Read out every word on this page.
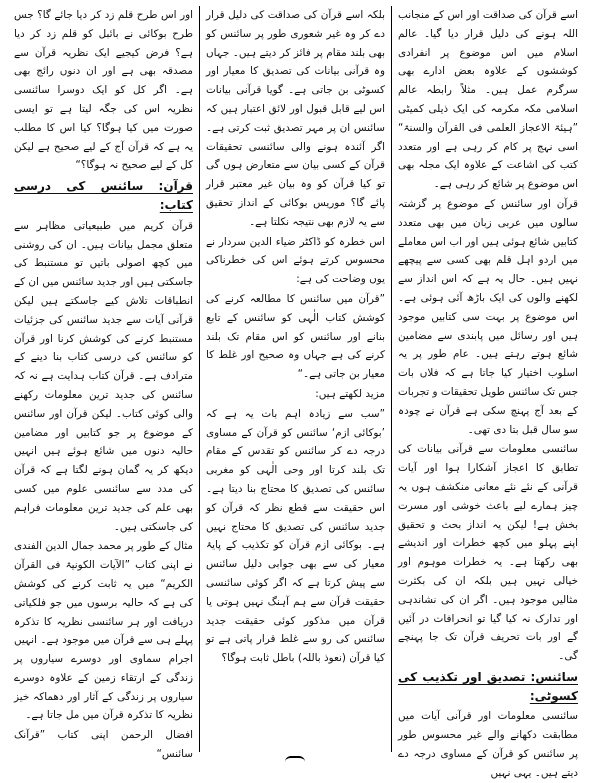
اسے قرآن کی صداقت اور اس کے منجانب اللہ ہونے کی دلیل قرار دیا گیا۔ عالم اسلام میں اس موضوع پر انفرادی کوششوں کے علاوہ بعض ادارے بھی سرگرم عمل ہیں۔ مثلاً رابطہ عالم اسلامی مکہ مکرمہ کی ایک ذیلی کمیٹی ”ہیئۃ الاعجاز العلمی فی القرآن والسنۃ“ اسی نہج پر کام کر رہی ہے اور متعدد کتب کی اشاعت کے علاوہ ایک مجلہ بھی اس موضوع پر شائع کر رہی ہے۔

قرآن اور سائنس کے موضوع پر گزشتہ سالوں میں عربی زبان میں بھی متعدد کتابیں شائع ہوئی ہیں اور اب اس معاملے میں اردو اہل قلم بھی کسی سے پیچھے نہیں ہیں۔ حال یہ ہے کہ اس انداز سے لکھنے والوں کی ایک باڑھ آئی ہوئی ہے۔ اس موضوع پر بہت سی کتابیں موجود ہیں اور رسائل میں پابندی سے مضامین شائع ہوتے رہتے ہیں۔ عام طور پر یہ اسلوب اختیار کیا جاتا ہے کہ فلاں بات جس تک سائنس طویل تحقیقات و تجربات کے بعد آج پہنچ سکی ہے قرآن نے چودہ سو سال قبل بتا دی تھی۔

سائنسی معلومات سے قرآنی بیانات کی تطابق کا اعجاز آشکارا ہوا اور آیات قرآنی کے نئے نئے معانی منکشف ہوں یہ چیز ہمارے لیے باعث خوشی اور مسرت بخش ہے! لیکن یہ انداز بحث و تحقیق اپنے پہلو میں کچھ خطرات اور اندیشے بھی رکھتا ہے۔ یہ خطرات موہوم اور خیالی نہیں ہیں بلکہ ان کی بکثرت مثالیں موجود ہیں۔ اگر ان کی نشاندہی اور تدارک نہ کیا گیا تو انحرافات در آئیں گے اور بات تحریف قرآن تک جا پہنچے گی۔

سائنس: تصدیق اور تکذیب کی کسوٹی:

سائنسی معلومات اور قرآنی آیات میں مطابقت دکھانے والے غیر محسوس طور پر سائنس کو قرآن کے مساوی درجہ دے دیتے ہیں۔ یہی نہیں

بلکہ اسے قرآن کی صداقت کی دلیل قرار دے کر وہ غیر شعوری طور پر سائنس کو بھی بلند مقام پر فائز کر دیتے ہیں۔ جہاں وہ قرآنی بیانات کی تصدیق کا معیار اور کسوٹی بن جاتی ہے۔ گویا قرآنی بیانات اس لیے قابل قبول اور لائق اعتبار ہیں کہ سائنس ان پر مہر تصدیق ثبت کرتی ہے۔ اگر آئندہ ہونے والی سائنسی تحقیقات قرآن کے کسی بیان سے متعارض ہوں گی تو کیا قرآن کو وہ بیان غیر معتبر قرار پائے گا؟ موریس بوکائی کے انداز تحقیق سے یہ لازم بھی نتیجہ نکلتا ہے۔

اس خطرہ کو ڈاکٹر ضیاء الدین سردار نے محسوس کرتے ہوئے اس کی خطرناکی یوں وضاحت کی ہے:

”قرآن میں سائنس کا مطالعہ کرنے کی کوشش کتاب الٰہی کو سائنس کے تابع بنانے اور سائنس کو اس مقام تک بلند کرنے کی ہے جہاں وہ صحیح اور غلط کا معیار بن جاتی ہے۔“

مزید لکھتے ہیں:

”سب سے زیادہ اہم بات یہ ہے کہ ’بوکائی ازم‘ سائنس کو قرآن کے مساوی درجہ دے کر سائنس کو تقدس کے مقام تک بلند کرتا اور وحی الٰہی کو مغربی سائنس کی تصدیق کا محتاج بنا دیتا ہے۔ اس حقیقت سے قطع نظر کہ قرآن کو جدید سائنس کی تصدیق کا محتاج نہیں ہے۔ بوکائی ازم قرآن کو تکذیب کے پایۂ معیار کی سے بھی جوابی دلیل سائنس سے پیش کرتا ہے کہ اگر کوئی سائنسی حقیقت قرآن سے ہم آہنگ نہیں ہوتی یا قرآن میں مذکور کوئی حقیقت جدید سائنس کی رو سے غلط قرار پاتی ہے تو کیا قرآن (نعوذ باللہ) باطل ثابت ہوگا؟

اور اس طرح قلم زد کر دیا جائے گا؟ جس طرح بوکائی نے بائبل کو قلم زد کر دیا ہے؟ فرض کیجیے ایک نظریہ قرآن سے مصدقہ بھی ہے اور ان دنوں رائج بھی ہے۔ اگر کل کو ایک دوسرا سائنسی نظریہ اس کی جگہ لیتا ہے تو ایسی صورت میں کیا ہوگا؟ کیا اس کا مطلب یہ ہے کہ قرآن آج کے لیے صحیح ہے لیکن کل کے لیے صحیح نہ ہوگا؟“

قرآن: سائنس کی درسی کتاب:

قرآن کریم میں طبیعیاتی مظاہر سے متعلق مجمل بیانات ہیں۔ ان کی روشنی میں کچھ اصولی باتیں تو مستنبط کی جاسکتی ہیں اور جدید سائنس میں ان کے انطباقات تلاش کیے جاسکتے ہیں لیکن قرآنی آیات سے جدید سائنس کی جزئیات مستنبط کرنے کی کوشش کرنا اور قرآن کو سائنس کی درسی کتاب بنا دینے کے مترادف ہے۔ قرآن کتاب ہدایت ہے نہ کہ سائنس کی جدید ترین معلومات رکھنے والی کوئی کتاب۔ لیکن قرآن اور سائنس کے موضوع پر جو کتابیں اور مضامین حالیہ دنوں میں شائع ہوئے ہیں انہیں دیکھ کر یہ گمان ہونے لگتا ہے کہ قرآن کی مدد سے سائنسی علوم میں کسی بھی علم کی جدید ترین معلومات فراہم کی جاسکتی ہیں۔

مثال کے طور پر محمد جمال الدین الفندی نے اپنی کتاب ”الآیات الکونیۃ فی القرآن الکریم“ میں یہ ثابت کرنے کی کوشش کی ہے کہ حالیہ برسوں میں جو فلکیاتی دریافت اور ہر سائنسی نظریہ کا تذکرہ پہلے ہی سے قرآن میں موجود ہے۔ انہیں اجرام سماوی اور دوسرے سیاروں پر زندگی کے ارتقاء زمین کے علاوہ دوسرے سیاروں پر زندگی کے آثار اور دھماکہ خیز نظریہ کا تذکرہ قرآن میں مل جاتا ہے۔

افضال الرحمن اپنی کتاب ”قرآنک سائنس“
